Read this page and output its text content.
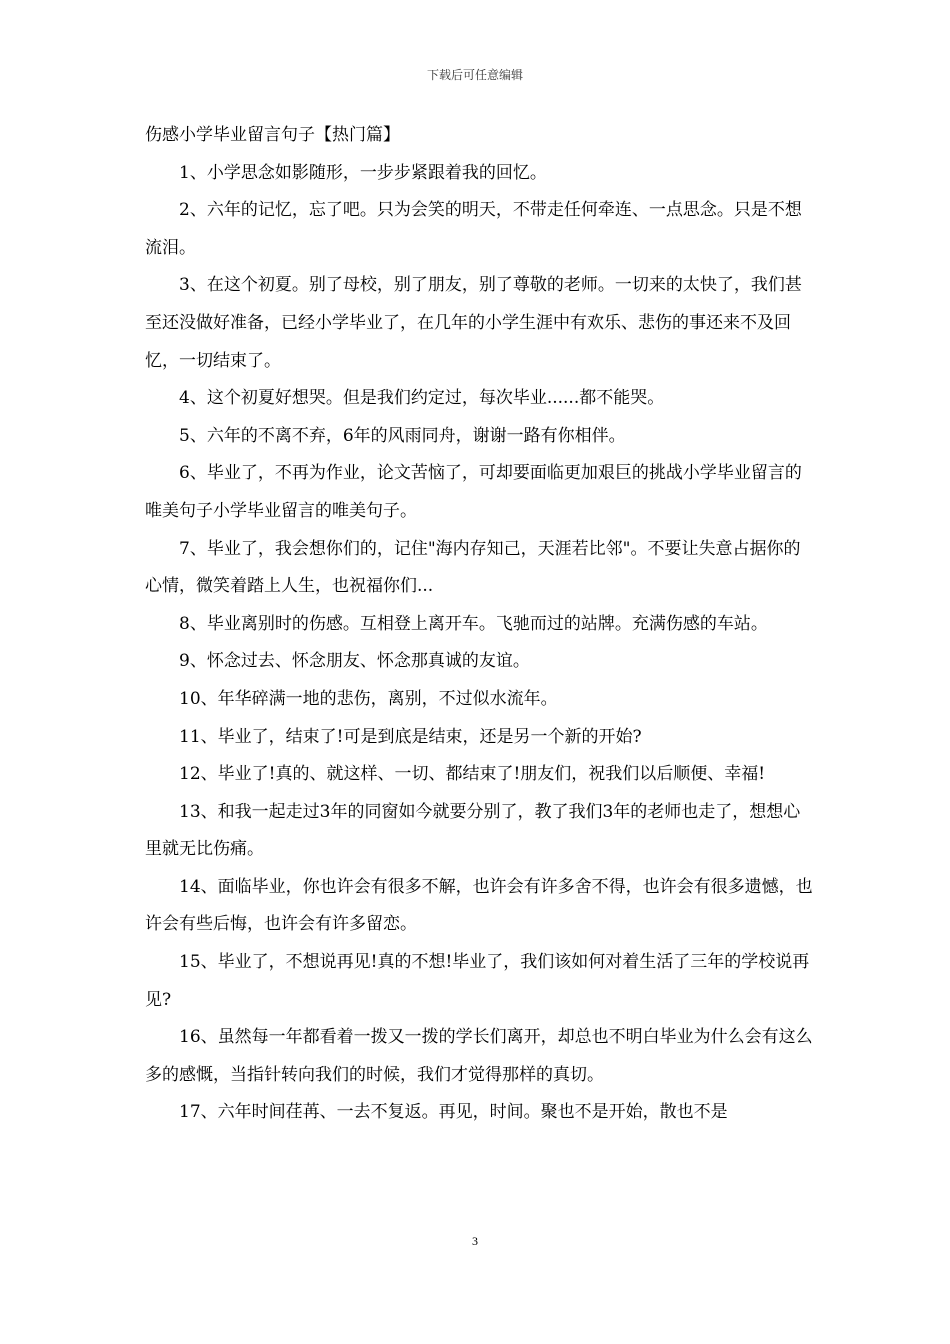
下载后可任意编辑

伤感小学毕业留言句子【热门篇】

1、小学思念如影随形，一步步紧跟着我的回忆。

2、六年的记忆，忘了吧。只为会笑的明天，不带走任何牵连、一点思念。只是不想流泪。

3、在这个初夏。别了母校，别了朋友，别了尊敬的老师。一切来的太快了，我们甚至还没做好准备，已经小学毕业了，在几年的小学生涯中有欢乐、悲伤的事还来不及回忆，一切结束了。

4、这个初夏好想哭。但是我们约定过，每次毕业......都不能哭。

5、六年的不离不弃，6年的风雨同舟，谢谢一路有你相伴。

6、毕业了，不再为作业，论文苦恼了，可却要面临更加艰巨的挑战小学毕业留言的唯美句子小学毕业留言的唯美句子。

7、毕业了，我会想你们的，记住"海内存知己，天涯若比邻"。不要让失意占据你的心情，微笑着踏上人生，也祝福你们...

8、毕业离别时的伤感。互相登上离开车。飞驰而过的站牌。充满伤感的车站。

9、怀念过去、怀念朋友、怀念那真诚的友谊。

10、年华碎满一地的悲伤，离别，不过似水流年。

11、毕业了，结束了!可是到底是结束，还是另一个新的开始?

12、毕业了!真的、就这样、一切、都结束了!朋友们，祝我们以后顺便、幸福!

13、和我一起走过3年的同窗如今就要分别了，教了我们3年的老师也走了，想想心里就无比伤痛。

14、面临毕业，你也许会有很多不解，也许会有许多舍不得，也许会有很多遗憾，也许会有些后悔，也许会有许多留恋。

15、毕业了，不想说再见!真的不想!毕业了，我们该如何对着生活了三年的学校说再见?

16、虽然每一年都看着一拨又一拨的学长们离开，却总也不明白毕业为什么会有这么多的感慨，当指针转向我们的时候，我们才觉得那样的真切。

17、六年时间荏苒、一去不复返。再见，时间。聚也不是开始，散也不是

3
